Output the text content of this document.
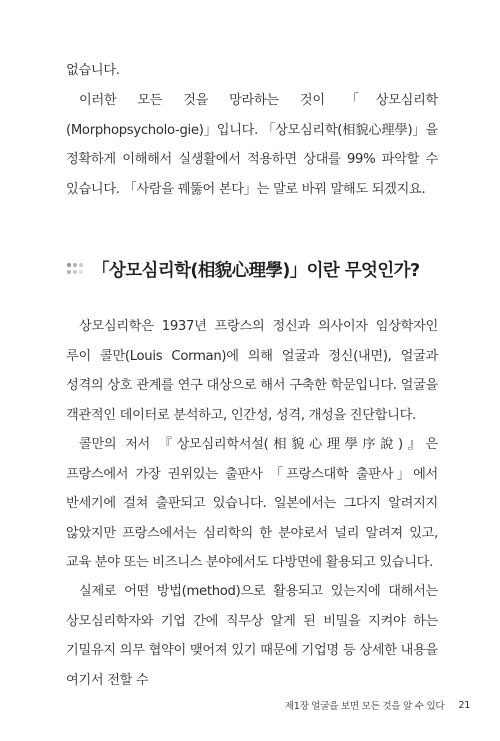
없습니다.

이러한 모든 것을 망라하는 것이 「상모심리학(Morphopsycholo-gie)」입니다. 「상모심리학(相貌心理學)」을 정확하게 이해해서 실생활에서 적용하면 상대를 99% 파악할 수 있습니다. 「사람을 꿰뚫어 본다」는 말로 바꿔 말해도 되겠지요.

「상모심리학(相貌心理學)」이란 무엇인가?

상모심리학은 1937년 프랑스의 정신과 의사이자 임상학자인 루이 콜만(Louis Corman)에 의해 얼굴과 정신(내면), 얼굴과 성격의 상호 관계를 연구 대상으로 해서 구축한 학문입니다. 얼굴을 객관적인 데이터로 분석하고, 인간성, 성격, 개성을 진단합니다.

콜만의 저서 『상모심리학서설(相貌心理學序說)』은 프랑스에서 가장 권위있는 출판사 「프랑스대학 출판사」에서 반세기에 걸쳐 출판되고 있습니다. 일본에서는 그다지 알려지지 않았지만 프랑스에서는 심리학의 한 분야로서 널리 알려져 있고, 교육 분야 또는 비즈니스 분야에서도 다방면에 활용되고 있습니다.

실제로 어떤 방법(method)으로 활용되고 있는지에 대해서는 상모심리학자와 기업 간에 직무상 알게 된 비밀을 지켜야 하는 기밀유지 의무 협약이 맺어져 있기 때문에 기업명 등 상세한 내용을 여기서 전할 수

제1장 얼굴을 보면 모든 것을 알 수 있다 21
